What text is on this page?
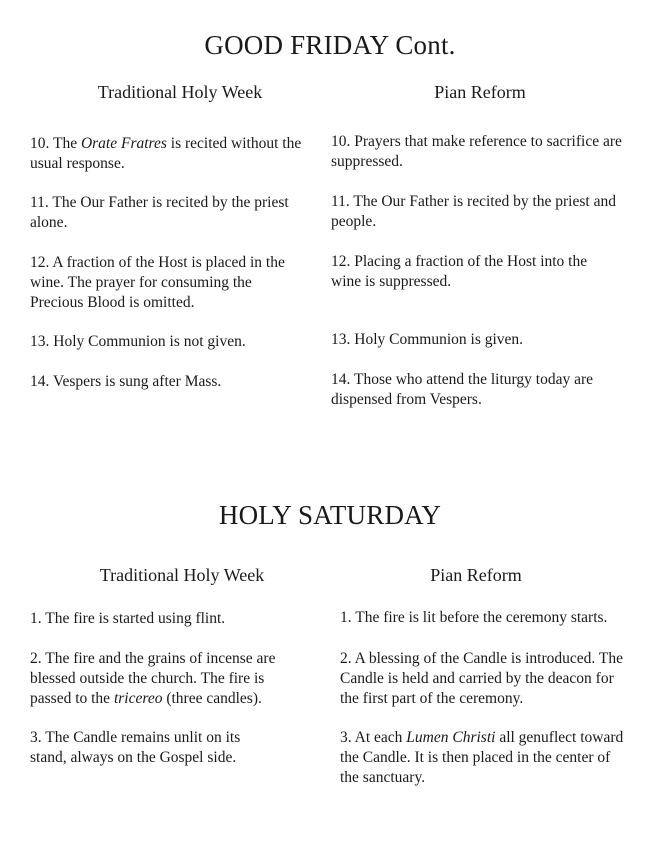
GOOD FRIDAY Cont.
Traditional Holy Week	Pian Reform
10. The Orate Fratres is recited without the usual response.
11. The Our Father is recited by the priest alone.
12. A fraction of the Host is placed in the wine. The prayer for consuming the Precious Blood is omitted.
13. Holy Communion is not given.
14. Vespers is sung after Mass.
10. Prayers that make reference to sacrifice are suppressed.
11. The Our Father is recited by the priest and people.
12. Placing a fraction of the Host into the wine is suppressed.
13. Holy Communion is given.
14. Those who attend the liturgy today are dispensed from Vespers.
HOLY SATURDAY
Traditional Holy Week	Pian Reform
1. The fire is started using flint.
2. The fire and the grains of incense are blessed outside the church. The fire is passed to the tricereo (three candles).
3. The Candle remains unlit on its stand, always on the Gospel side.
1. The fire is lit before the ceremony starts.
2. A blessing of the Candle is introduced. The Candle is held and carried by the deacon for the first part of the ceremony.
3. At each Lumen Christi all genuflect toward the Candle. It is then placed in the center of the sanctuary.
